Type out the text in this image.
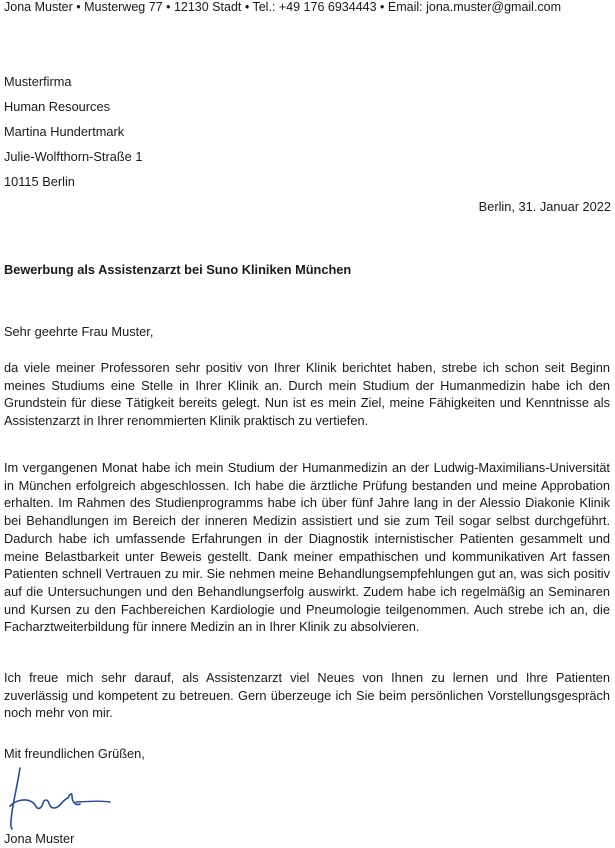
Jona Muster • Musterweg 77 • 12130 Stadt • Tel.: +49 176 6934443 • Email: jona.muster@gmail.com
Musterfirma
Human Resources
Martina Hundertmark
Julie-Wolfthorn-Straße 1
10115 Berlin
Berlin, 31. Januar 2022
Bewerbung als Assistenzarzt bei Suno Kliniken München
Sehr geehrte Frau Muster,

da viele meiner Professoren sehr positiv von Ihrer Klinik berichtet haben, strebe ich schon seit Beginn meines Studiums eine Stelle in Ihrer Klinik an. Durch mein Studium der Humanmedizin habe ich den Grundstein für diese Tätigkeit bereits gelegt. Nun ist es mein Ziel, meine Fähigkeiten und Kenntnisse als Assistenzarzt in Ihrer renommierten Klinik praktisch zu vertiefen.

Im vergangenen Monat habe ich mein Studium der Humanmedizin an der Ludwig-Maximilians-Universität in München erfolgreich abgeschlossen. Ich habe die ärztliche Prüfung bestanden und meine Approbation erhalten. Im Rahmen des Studienprogramms habe ich über fünf Jahre lang in der Alessio Diakonie Klinik bei Behandlungen im Bereich der inneren Medizin assistiert und sie zum Teil sogar selbst durchgeführt. Dadurch habe ich umfassende Erfahrungen in der Diagnostik internistischer Patienten gesammelt und meine Belastbarkeit unter Beweis gestellt. Dank meiner empathischen und kommunikativen Art fassen Patienten schnell Vertrauen zu mir. Sie nehmen meine Behandlungsempfehlungen gut an, was sich positiv auf die Untersuchungen und den Behandlungserfolg auswirkt. Zudem habe ich regelmäßig an Seminaren und Kursen zu den Fachbereichen Kardiologie und Pneumologie teilgenommen. Auch strebe ich an, die Facharztweiterbildung für innere Medizin an in Ihrer Klinik zu absolvieren.

Ich freue mich sehr darauf, als Assistenzarzt viel Neues von Ihnen zu lernen und Ihre Patienten zuverlässig und kompetent zu betreuen. Gern überzeuge ich Sie beim persönlichen Vorstellungsgespräch noch mehr von mir.

Mit freundlichen Grüßen,
Jona Muster
